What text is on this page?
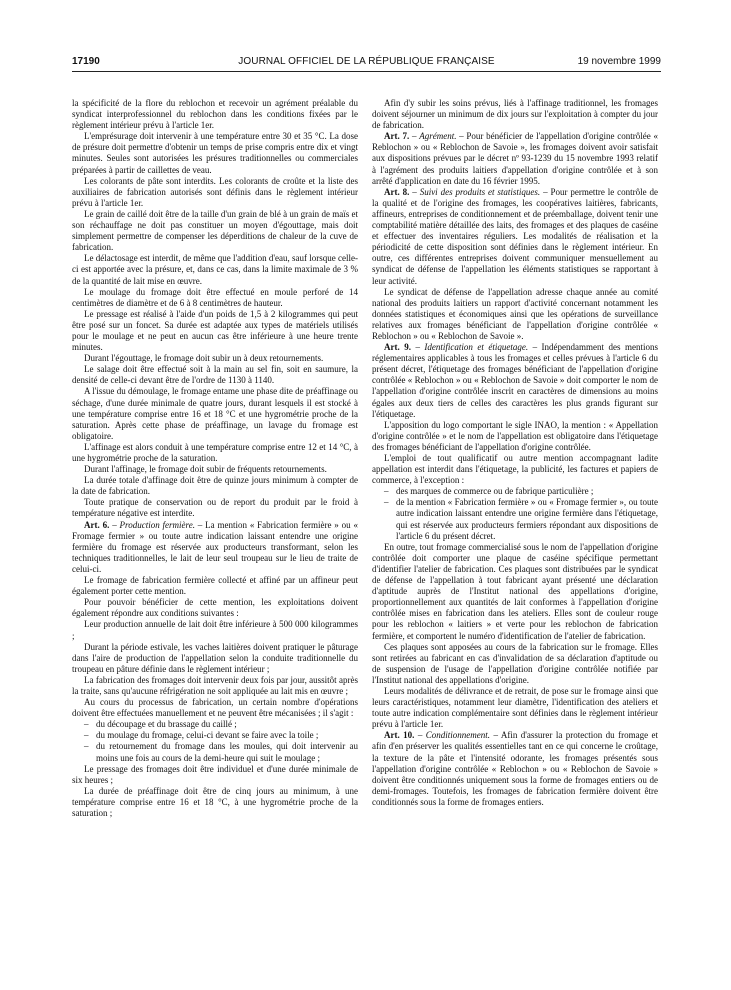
17190	JOURNAL OFFICIEL DE LA RÉPUBLIQUE FRANÇAISE	19 novembre 1999

la spécificité de la flore du reblochon et recevoir un agrément préalable du syndicat interprofessionnel du reblochon dans les conditions fixées par le règlement intérieur prévu à l'article 1er.

L'emprésurage doit intervenir à une température entre 30 et 35 °C. La dose de présure doit permettre d'obtenir un temps de prise compris entre dix et vingt minutes. Seules sont autorisées les présures traditionnelles ou commerciales préparées à partir de caillettes de veau.

Les colorants de pâte sont interdits. Les colorants de croûte et la liste des auxiliaires de fabrication autorisés sont définis dans le règlement intérieur prévu à l'article 1er.

Le grain de caillé doit être de la taille d'un grain de blé à un grain de maïs et son réchauffage ne doit pas constituer un moyen d'égouttage, mais doit simplement permettre de compenser les déperditions de chaleur de la cuve de fabrication.

Le délactosage est interdit, de même que l'addition d'eau, sauf lorsque celle-ci est apportée avec la présure, et, dans ce cas, dans la limite maximale de 3 % de la quantité de lait mise en œuvre.

Le moulage du fromage doit être effectué en moule perforé de 14 centimètres de diamètre et de 6 à 8 centimètres de hauteur.

Le pressage est réalisé à l'aide d'un poids de 1,5 à 2 kilogrammes qui peut être posé sur un foncet. Sa durée est adaptée aux types de matériels utilisés pour le moulage et ne peut en aucun cas être inférieure à une heure trente minutes.

Durant l'égouttage, le fromage doit subir un à deux retournements.

Le salage doit être effectué soit à la main au sel fin, soit en saumure, la densité de celle-ci devant être de l'ordre de 1130 à 1140.

A l'issue du démoulage, le fromage entame une phase dite de préaffinage ou séchage, d'une durée minimale de quatre jours, durant lesquels il est stocké à une température comprise entre 16 et 18 °C et une hygrométrie proche de la saturation. Après cette phase de préaffinage, un lavage du fromage est obligatoire.

L'affinage est alors conduit à une température comprise entre 12 et 14 °C, à une hygrométrie proche de la saturation.

Durant l'affinage, le fromage doit subir de fréquents retournements.

La durée totale d'affinage doit être de quinze jours minimum à compter de la date de fabrication.

Toute pratique de conservation ou de report du produit par le froid à température négative est interdite.

Art. 6. – Production fermière. – La mention « Fabrication fermière » ou « Fromage fermier » ou toute autre indication laissant entendre une origine fermière du fromage est réservée aux producteurs transformant, selon les techniques traditionnelles, le lait de leur seul troupeau sur le lieu de traite de celui-ci.

Le fromage de fabrication fermière collecté et affiné par un affineur peut également porter cette mention.

Pour pouvoir bénéficier de cette mention, les exploitations doivent également répondre aux conditions suivantes :

Leur production annuelle de lait doit être inférieure à 500 000 kilogrammes ;

Durant la période estivale, les vaches laitières doivent pratiquer le pâturage dans l'aire de production de l'appellation selon la conduite traditionnelle du troupeau en pâture définie dans le règlement intérieur ;

La fabrication des fromages doit intervenir deux fois par jour, aussitôt après la traite, sans qu'aucune réfrigération ne soit appliquée au lait mis en œuvre ;

Au cours du processus de fabrication, un certain nombre d'opérations doivent être effectuées manuellement et ne peuvent être mécanisées ; il s'agit :

– du découpage et du brassage du caillé ;
– du moulage du fromage, celui-ci devant se faire avec la toile ;
– du retournement du fromage dans les moules, qui doit intervenir au moins une fois au cours de la demi-heure qui suit le moulage ;

Le pressage des fromages doit être individuel et d'une durée minimale de six heures ;

La durée de préaffinage doit être de cinq jours au minimum, à une température comprise entre 16 et 18 °C, à une hygrométrie proche de la saturation ;

Afin d'y subir les soins prévus, liés à l'affinage traditionnel, les fromages doivent séjourner un minimum de dix jours sur l'exploitation à compter du jour de fabrication.

Art. 7. – Agrément. – Pour bénéficier de l'appellation d'origine contrôlée « Reblochon » ou « Reblochon de Savoie », les fromages doivent avoir satisfait aux dispositions prévues par le décret nº 93-1239 du 15 novembre 1993 relatif à l'agrément des produits laitiers d'appellation d'origine contrôlée et à son arrêté d'application en date du 16 février 1995.

Art. 8. – Suivi des produits et statistiques. – Pour permettre le contrôle de la qualité et de l'origine des fromages, les coopératives laitières, fabricants, affineurs, entreprises de conditionnement et de préemballage, doivent tenir une comptabilité matière détaillée des laits, des fromages et des plaques de caséine et effectuer des inventaires réguliers. Les modalités de réalisation et la périodicité de cette disposition sont définies dans le règlement intérieur. En outre, ces différentes entreprises doivent communiquer mensuellement au syndicat de défense de l'appellation les éléments statistiques se rapportant à leur activité.

Le syndicat de défense de l'appellation adresse chaque année au comité national des produits laitiers un rapport d'activité concernant notamment les données statistiques et économiques ainsi que les opérations de surveillance relatives aux fromages bénéficiant de l'appellation d'origine contrôlée « Reblochon » ou « Reblochon de Savoie ».

Art. 9. – Identification et étiquetage. – Indépendamment des mentions réglementaires applicables à tous les fromages et celles prévues à l'article 6 du présent décret, l'étiquetage des fromages bénéficiant de l'appellation d'origine contrôlée « Reblochon » ou « Reblochon de Savoie » doit comporter le nom de l'appellation d'origine contrôlée inscrit en caractères de dimensions au moins égales aux deux tiers de celles des caractères les plus grands figurant sur l'étiquetage.

L'apposition du logo comportant le sigle INAO, la mention : « Appellation d'origine contrôlée » et le nom de l'appellation est obligatoire dans l'étiquetage des fromages bénéficiant de l'appellation d'origine contrôlée.

L'emploi de tout qualificatif ou autre mention accompagnant ladite appellation est interdit dans l'étiquetage, la publicité, les factures et papiers de commerce, à l'exception :

– des marques de commerce ou de fabrique particulière ;
– de la mention « Fabrication fermière » ou « Fromage fermier », ou toute autre indication laissant entendre une origine fermière dans l'étiquetage, qui est réservée aux producteurs fermiers répondant aux dispositions de l'article 6 du présent décret.

En outre, tout fromage commercialisé sous le nom de l'appellation d'origine contrôlée doit comporter une plaque de caséine spécifique permettant d'identifier l'atelier de fabrication. Ces plaques sont distribuées par le syndicat de défense de l'appellation à tout fabricant ayant présenté une déclaration d'aptitude auprès de l'Institut national des appellations d'origine, proportionnellement aux quantités de lait conformes à l'appellation d'origine contrôlée mises en fabrication dans les ateliers. Elles sont de couleur rouge pour les reblochon « laitiers » et verte pour les reblochon de fabrication fermière, et comportent le numéro d'identification de l'atelier de fabrication.

Ces plaques sont apposées au cours de la fabrication sur le fromage. Elles sont retirées au fabricant en cas d'invalidation de sa déclaration d'aptitude ou de suspension de l'usage de l'appellation d'origine contrôlée notifiée par l'Institut national des appellations d'origine.

Leurs modalités de délivrance et de retrait, de pose sur le fromage ainsi que leurs caractéristiques, notamment leur diamètre, l'identification des ateliers et toute autre indication complémentaire sont définies dans le règlement intérieur prévu à l'article 1er.

Art. 10. – Conditionnement. – Afin d'assurer la protection du fromage et afin d'en préserver les qualités essentielles tant en ce qui concerne le croûtage, la texture de la pâte et l'intensité odorante, les fromages présentés sous l'appellation d'origine contrôlée « Reblochon » ou « Reblochon de Savoie » doivent être conditionnés uniquement sous la forme de fromages entiers ou de demi-fromages. Toutefois, les fromages de fabrication fermière doivent être conditionnés sous la forme de fromages entiers.
